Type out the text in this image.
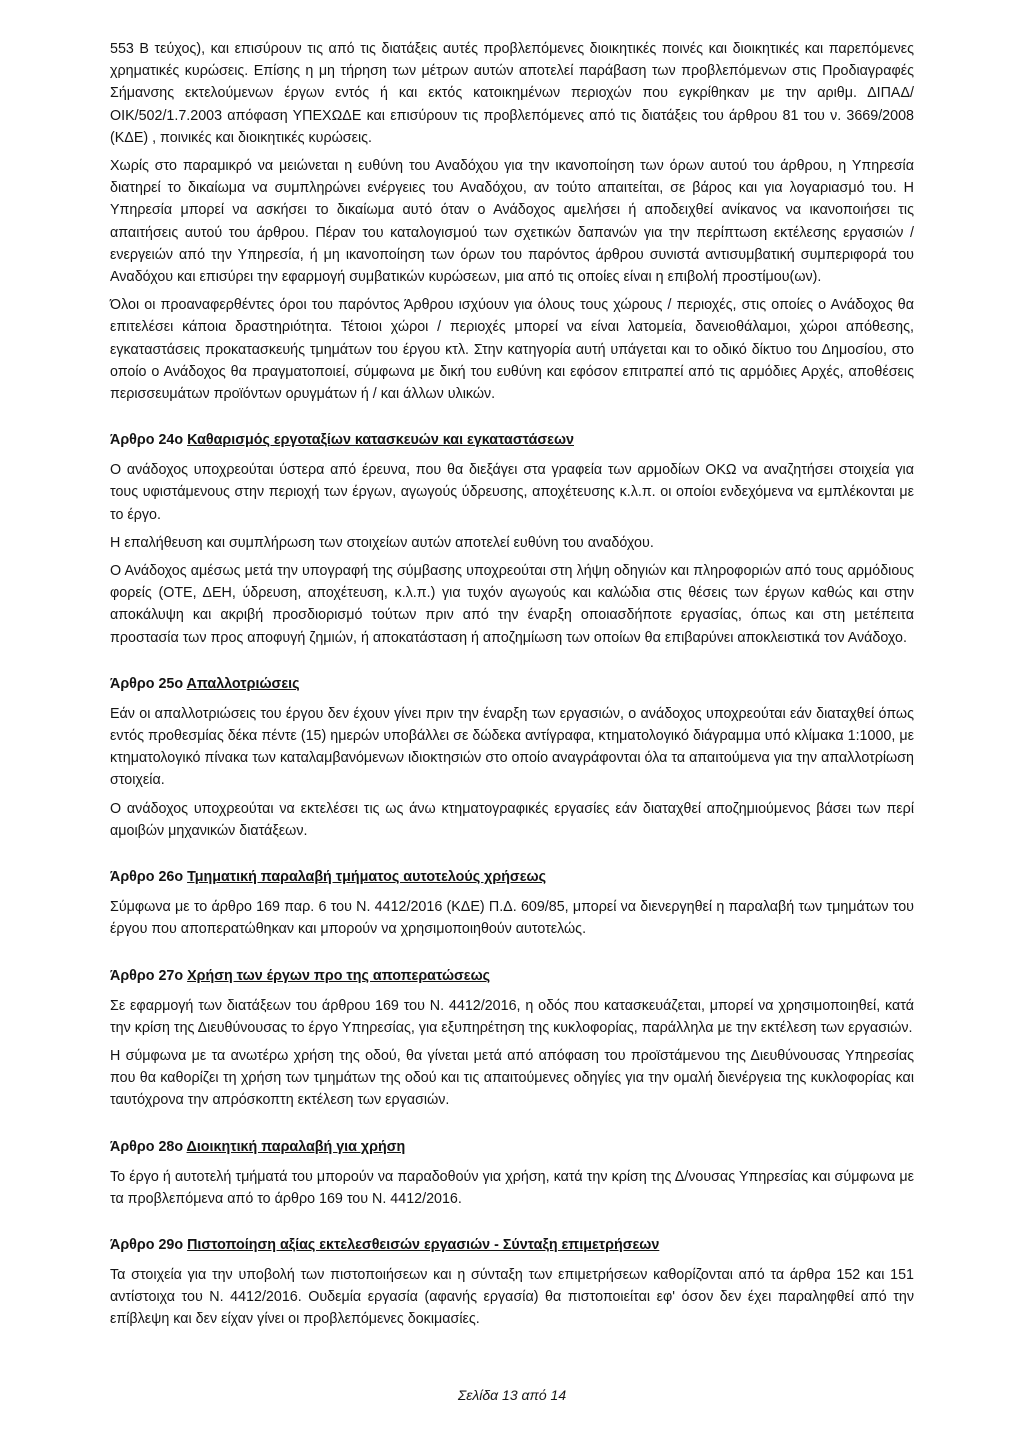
553 Β τεύχος), και επισύρουν τις από τις διατάξεις αυτές προβλεπόμενες διοικητικές ποινές και διοικητικές και παρεπόμενες χρηματικές κυρώσεις. Επίσης η μη τήρηση των μέτρων αυτών αποτελεί παράβαση των προβλεπόμενων στις Προδιαγραφές Σήμανσης εκτελούμενων έργων εντός ή και εκτός κατοικημένων περιοχών που εγκρίθηκαν με την αριθμ. ΔΙΠΑΔ/ΟΙΚ/502/1.7.2003 απόφαση ΥΠΕΧΩΔΕ και επισύρουν τις προβλεπόμενες από τις διατάξεις του άρθρου 81 του ν. 3669/2008 (ΚΔΕ) , ποινικές και διοικητικές κυρώσεις.

Χωρίς στο παραμικρό να μειώνεται η ευθύνη του Αναδόχου για την ικανοποίηση των όρων αυτού του άρθρου, η Υπηρεσία διατηρεί το δικαίωμα να συμπληρώνει ενέργειες του Αναδόχου, αν τούτο απαιτείται, σε βάρος και για λογαριασμό του. Η Υπηρεσία μπορεί να ασκήσει το δικαίωμα αυτό όταν ο Ανάδοχος αμελήσει ή αποδειχθεί ανίκανος να ικανοποιήσει τις απαιτήσεις αυτού του άρθρου. Πέραν του καταλογισμού των σχετικών δαπανών για την περίπτωση εκτέλεσης εργασιών / ενεργειών από την Υπηρεσία, ή μη ικανοποίηση των όρων του παρόντος άρθρου συνιστά αντισυμβατική συμπεριφορά του Αναδόχου και επισύρει την εφαρμογή συμβατικών κυρώσεων, μια από τις οποίες είναι η επιβολή προστίμου(ων).

Όλοι οι προαναφερθέντες όροι του παρόντος Άρθρου ισχύουν για όλους τους χώρους / περιοχές, στις οποίες ο Ανάδοχος θα επιτελέσει κάποια δραστηριότητα. Τέτοιοι χώροι / περιοχές μπορεί να είναι λατομεία, δανειοθάλαμοι, χώροι απόθεσης, εγκαταστάσεις προκατασκευής τμημάτων του έργου κτλ. Στην κατηγορία αυτή υπάγεται και το οδικό δίκτυο του Δημοσίου, στο οποίο ο Ανάδοχος θα πραγματοποιεί, σύμφωνα με δική του ευθύνη και εφόσον επιτραπεί από τις αρμόδιες Αρχές, αποθέσεις περισσευμάτων προϊόντων ορυγμάτων ή / και άλλων υλικών.

Άρθρο 24ο Καθαρισμός εργοταξίων κατασκευών και εγκαταστάσεων

Ο ανάδοχος υποχρεούται ύστερα από έρευνα, που θα διεξάγει στα γραφεία των αρμοδίων ΟΚΩ να αναζητήσει στοιχεία για τους υφιστάμενους στην περιοχή των έργων, αγωγούς ύδρευσης, αποχέτευσης κ.λ.π. οι οποίοι ενδεχόμενα να εμπλέκονται με το έργο.

Η επαλήθευση και συμπλήρωση των στοιχείων αυτών αποτελεί ευθύνη του αναδόχου.

Ο Ανάδοχος αμέσως μετά την υπογραφή της σύμβασης υποχρεούται στη λήψη οδηγιών και πληροφοριών από τους αρμόδιους φορείς (ΟΤΕ, ΔΕΗ, ύδρευση, αποχέτευση, κ.λ.π.) για τυχόν αγωγούς και καλώδια στις θέσεις των έργων καθώς και στην αποκάλυψη και ακριβή προσδιορισμό τούτων πριν από την έναρξη οποιασδήποτε εργασίας, όπως και στη μετέπειτα προστασία των προς αποφυγή ζημιών, ή αποκατάσταση ή αποζημίωση των οποίων θα επιβαρύνει αποκλειστικά τον Ανάδοχο.

Άρθρο 25ο Απαλλοτριώσεις

Εάν οι απαλλοτριώσεις του έργου δεν έχουν γίνει πριν την έναρξη των εργασιών, ο ανάδοχος υποχρεούται εάν διαταχθεί όπως εντός προθεσμίας δέκα πέντε (15) ημερών υποβάλλει σε δώδεκα αντίγραφα, κτηματολογικό διάγραμμα υπό κλίμακα 1:1000, με κτηματολογικό πίνακα των καταλαμβανόμενων ιδιοκτησιών στο οποίο αναγράφονται όλα τα απαιτούμενα για την απαλλοτρίωση στοιχεία.

Ο ανάδοχος υποχρεούται να εκτελέσει τις ως άνω κτηματογραφικές εργασίες εάν διαταχθεί αποζημιούμενος βάσει των περί αμοιβών μηχανικών διατάξεων.

Άρθρο 26ο Τμηματική παραλαβή τμήματος αυτοτελούς χρήσεως

Σύμφωνα με το άρθρο 169 παρ. 6 του Ν. 4412/2016 (ΚΔΕ) Π.Δ. 609/85, μπορεί να διενεργηθεί η παραλαβή των τμημάτων του έργου που αποπερατώθηκαν και μπορούν να χρησιμοποιηθούν αυτοτελώς.

Άρθρο 27ο Χρήση των έργων προ της αποπερατώσεως

Σε εφαρμογή των διατάξεων του άρθρου 169 του Ν. 4412/2016, η οδός που κατασκευάζεται, μπορεί να χρησιμοποιηθεί, κατά την κρίση της Διευθύνουσας το έργο Υπηρεσίας, για εξυπηρέτηση της κυκλοφορίας, παράλληλα με την εκτέλεση των εργασιών.

Η σύμφωνα με τα ανωτέρω χρήση της οδού, θα γίνεται μετά από απόφαση του προϊστάμενου της Διευθύνουσας Υπηρεσίας που θα καθορίζει τη χρήση των τμημάτων της οδού και τις απαιτούμενες οδηγίες για την ομαλή διενέργεια της κυκλοφορίας και ταυτόχρονα την απρόσκοπτη εκτέλεση των εργασιών.

Άρθρο 28ο Διοικητική παραλαβή για χρήση

Το έργο ή αυτοτελή τμήματά του μπορούν να παραδοθούν για χρήση, κατά την κρίση της Δ/νουσας Υπηρεσίας και σύμφωνα με τα προβλεπόμενα από το άρθρο 169 του Ν. 4412/2016.

Άρθρο 29ο Πιστοποίηση αξίας εκτελεσθεισών εργασιών - Σύνταξη επιμετρήσεων

Τα στοιχεία για την υποβολή των πιστοποιήσεων και η σύνταξη των επιμετρήσεων καθορίζονται από τα άρθρα 152 και 151 αντίστοιχα του Ν. 4412/2016. Ουδεμία εργασία (αφανής εργασία) θα πιστοποιείται εφ' όσον δεν έχει παραληφθεί από την επίβλεψη και δεν είχαν γίνει οι προβλεπόμενες δοκιμασίες.

Σελίδα 13 από 14
